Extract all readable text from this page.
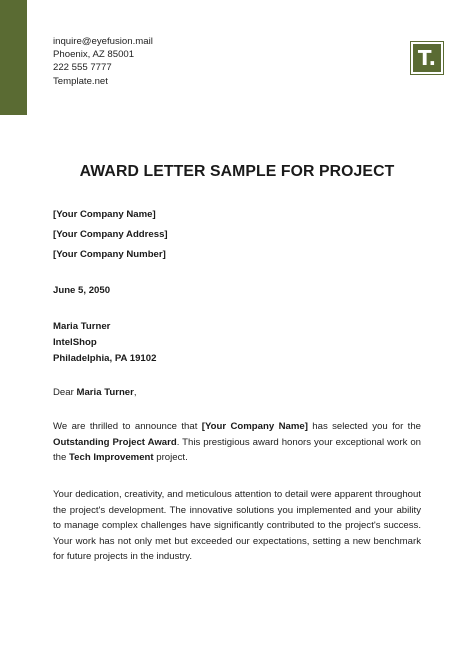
inquire@eyefusion.mail
Phoenix, AZ 85001
222 555 7777
Template.net
T.
AWARD LETTER SAMPLE FOR PROJECT
[Your Company Name]
[Your Company Address]
[Your Company Number]
June 5, 2050
Maria Turner
IntelShop
Philadelphia, PA 19102
Dear Maria Turner,
We are thrilled to announce that [Your Company Name] has selected you for the Outstanding Project Award. This prestigious award honors your exceptional work on the Tech Improvement project.
Your dedication, creativity, and meticulous attention to detail were apparent throughout the project's development. The innovative solutions you implemented and your ability to manage complex challenges have significantly contributed to the project's success. Your work has not only met but exceeded our expectations, setting a new benchmark for future projects in the industry.
